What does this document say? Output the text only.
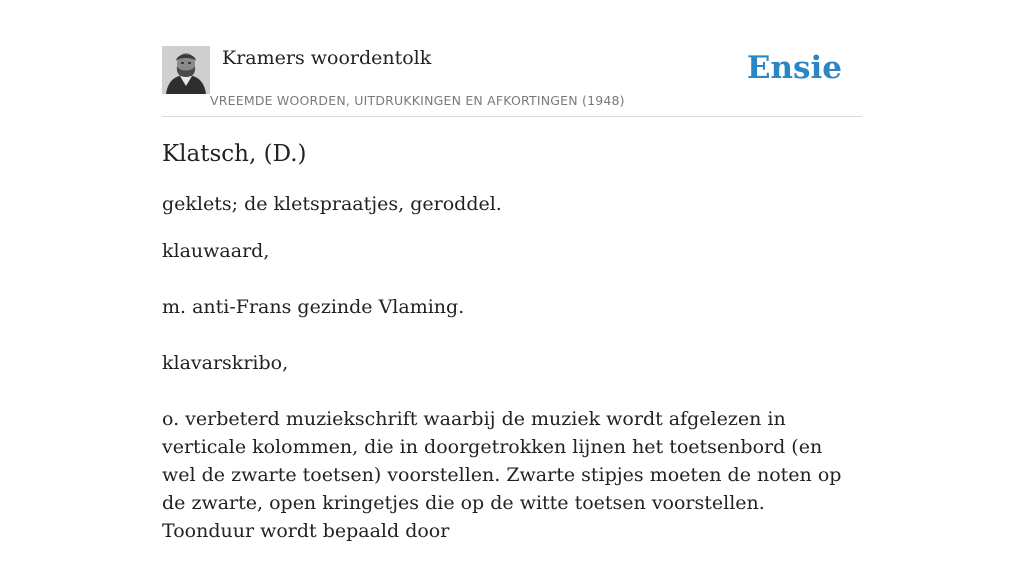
Kramers woordentolk
VREEMDE WOORDEN, UITDRUKKINGEN EN AFKORTINGEN (1948)
Ensie
Klatsch, (D.)

geklets; de kletspraatjes, geroddel.

klauwaard,

m. anti-Frans gezinde Vlaming.

klavarskribo,

o. verbeterd muziekschrift waarbij de muziek wordt afgelezen in verticale kolommen, die in doorgetrokken lijnen het toetsenbord (en wel de zwarte toetsen) voorstellen. Zwarte stipjes moeten de noten op de zwarte, open kringetjes die op de witte toetsen voorstellen. Toonduur wordt bepaald door
